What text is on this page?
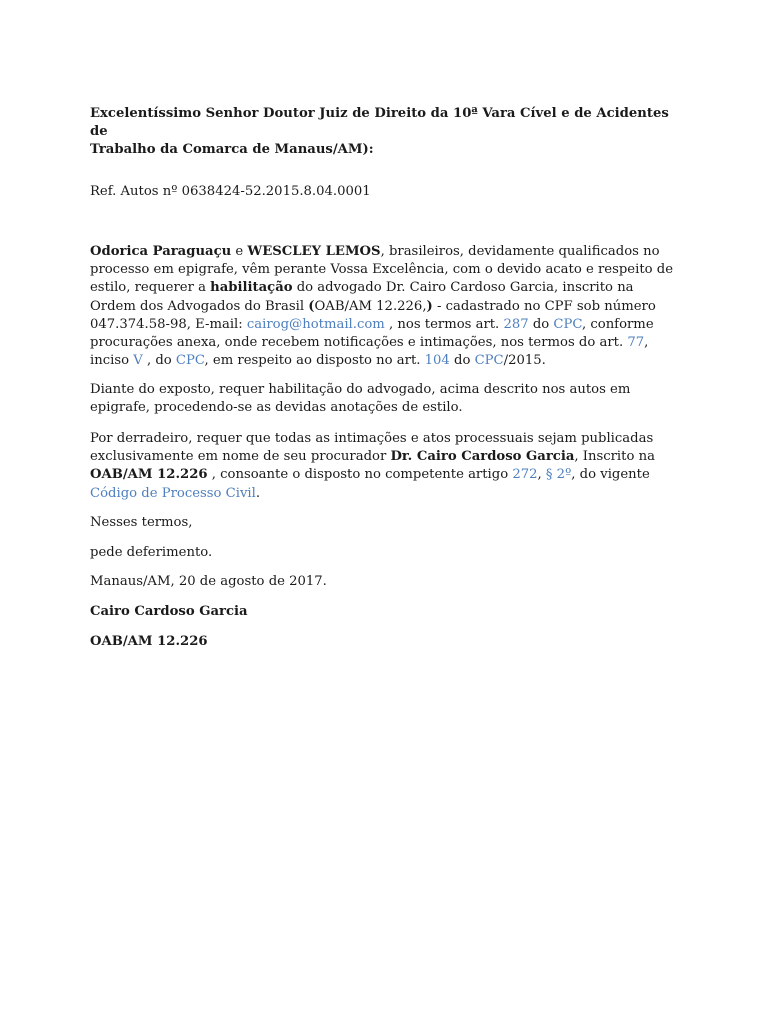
Excelentíssimo Senhor Doutor Juiz de Direito da 10ª Vara Cível e de Acidentes de
Trabalho da Comarca de Manaus/AM):

Ref. Autos nº 0638424-52.2015.8.04.0001

Odorica Paraguaçu e WESCLEY LEMOS, brasileiros, devidamente qualificados no processo em epigrafe, vêm perante Vossa Excelência, com o devido acato e respeito de estilo, requerer a habilitação do advogado Dr. Cairo Cardoso Garcia, inscrito na Ordem dos Advogados do Brasil (OAB/AM 12.226,) - cadastrado no CPF sob número 047.374.58-98, E-mail: cairog@hotmail.com , nos termos art. 287 do CPC, conforme procurações anexa, onde recebem notificações e intimações, nos termos do art. 77, inciso V , do CPC, em respeito ao disposto no art. 104 do CPC/2015.

Diante do exposto, requer habilitação do advogado, acima descrito nos autos em epigrafe, procedendo-se as devidas anotações de estilo.

Por derradeiro, requer que todas as intimações e atos processuais sejam publicadas exclusivamente em nome de seu procurador Dr. Cairo Cardoso Garcia, Inscrito na OAB/AM 12.226 , consoante o disposto no competente artigo 272, § 2º, do vigente Código de Processo Civil.

Nesses termos,

pede deferimento.

Manaus/AM, 20 de agosto de 2017.

Cairo Cardoso Garcia

OAB/AM 12.226
